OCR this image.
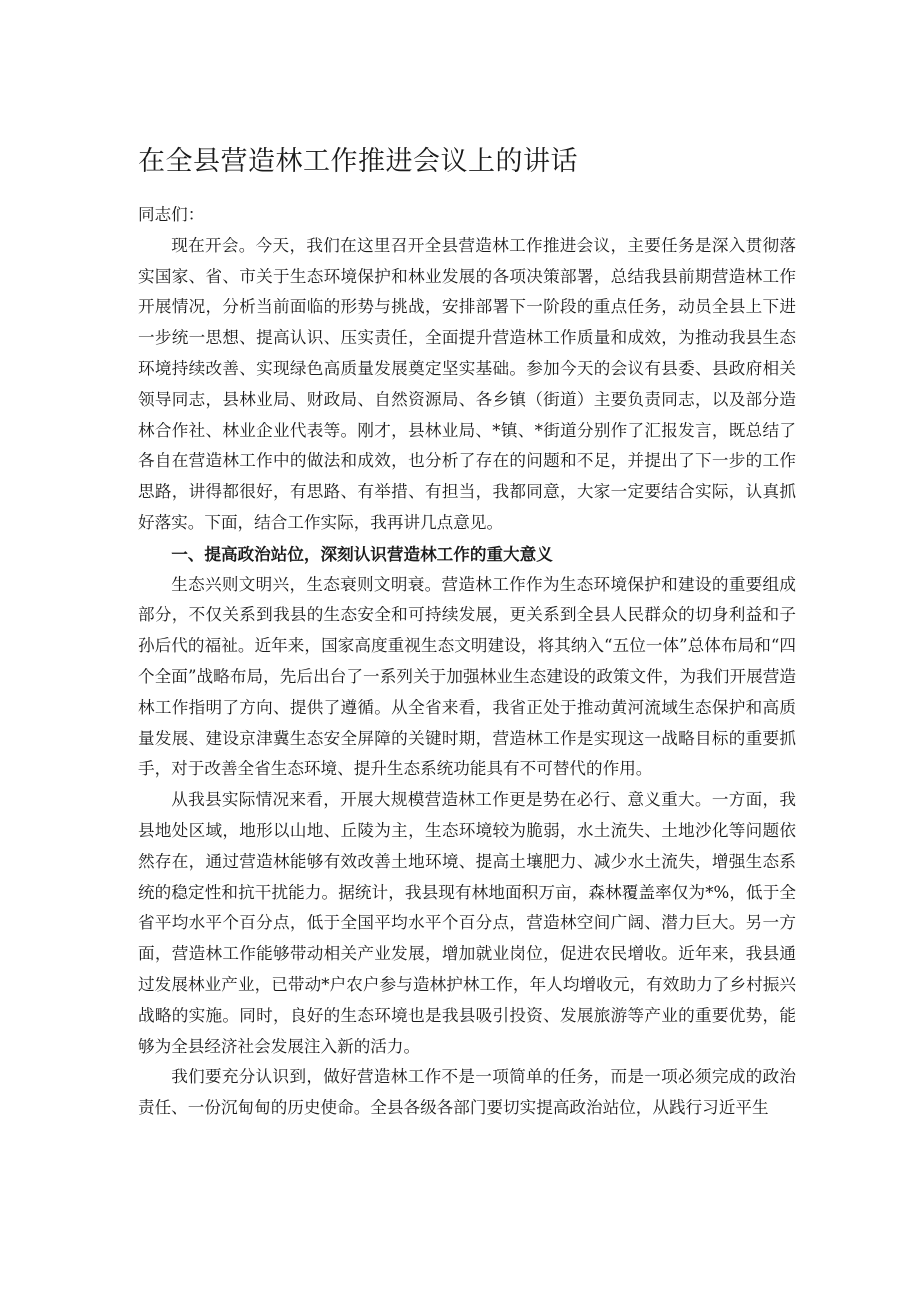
在全县营造林工作推进会议上的讲话

同志们：

现在开会。今天，我们在这里召开全县营造林工作推进会议，主要任务是深入贯彻落实国家、省、市关于生态环境保护和林业发展的各项决策部署，总结我县前期营造林工作开展情况，分析当前面临的形势与挑战，安排部署下一阶段的重点任务，动员全县上下进一步统一思想、提高认识、压实责任，全面提升营造林工作质量和成效，为推动我县生态环境持续改善、实现绿色高质量发展奠定坚实基础。参加今天的会议有县委、县政府相关领导同志，县林业局、财政局、自然资源局、各乡镇（街道）主要负责同志，以及部分造林合作社、林业企业代表等。刚才，县林业局、*镇、*街道分别作了汇报发言，既总结了各自在营造林工作中的做法和成效，也分析了存在的问题和不足，并提出了下一步的工作思路，讲得都很好，有思路、有举措、有担当，我都同意，大家一定要结合实际，认真抓好落实。下面，结合工作实际，我再讲几点意见。

一、提高政治站位，深刻认识营造林工作的重大意义

生态兴则文明兴，生态衰则文明衰。营造林工作作为生态环境保护和建设的重要组成部分，不仅关系到我县的生态安全和可持续发展，更关系到全县人民群众的切身利益和子孙后代的福祉。近年来，国家高度重视生态文明建设，将其纳入“五位一体”总体布局和“四个全面”战略布局，先后出台了一系列关于加强林业生态建设的政策文件，为我们开展营造林工作指明了方向、提供了遵循。从全省来看，我省正处于推动黄河流域生态保护和高质量发展、建设京津冀生态安全屏障的关键时期，营造林工作是实现这一战略目标的重要抓手，对于改善全省生态环境、提升生态系统功能具有不可替代的作用。

从我县实际情况来看，开展大规模营造林工作更是势在必行、意义重大。一方面，我县地处区域，地形以山地、丘陵为主，生态环境较为脆弱，水土流失、土地沙化等问题依然存在，通过营造林能够有效改善土地环境、提高土壤肥力、减少水土流失，增强生态系统的稳定性和抗干扰能力。据统计，我县现有林地面积万亩，森林覆盖率仅为*%，低于全省平均水平个百分点，低于全国平均水平个百分点，营造林空间广阔、潜力巨大。另一方面，营造林工作能够带动相关产业发展，增加就业岗位，促进农民增收。近年来，我县通过发展林业产业，已带动*户农户参与造林护林工作，年人均增收元，有效助力了乡村振兴战略的实施。同时，良好的生态环境也是我县吸引投资、发展旅游等产业的重要优势，能够为全县经济社会发展注入新的活力。

我们要充分认识到，做好营造林工作不是一项简单的任务，而是一项必须完成的政治责任、一份沉甸甸的历史使命。全县各级各部门要切实提高政治站位，从践行习近平生
